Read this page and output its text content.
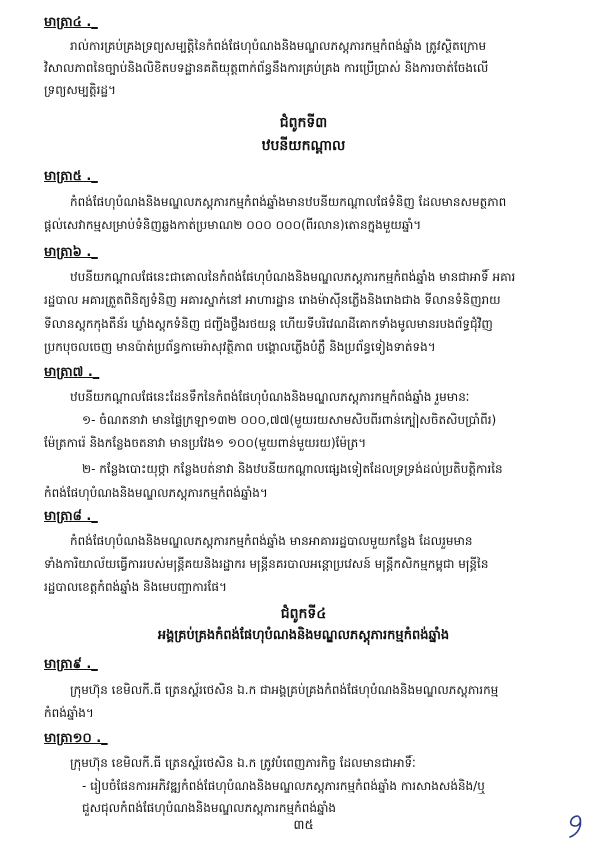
មាត្រា៤ ._
រាល់ការគ្រប់គ្រងទ្រព្យសម្បត្តិនៃកំពង់ផែហុបំណងនិងមណ្ឌលភស្តុភារកម្មកំពង់ឆ្នាំង ត្រូវស្ថិតក្រោម
វិសាលភាពនៃច្បាប់និងលិខិតបទដ្ឋានគតិយុត្តពាក់ព័ន្ធនឹងការគ្រប់គ្រង ការប្រើប្រាស់ និងការចាត់ចែងលើ
ទ្រព្យសម្បត្តិរដ្ឋ។
ជំពូកទី៣
ឋបនីយកណ្តាល
មាត្រា៥ ._
កំពង់ផែហុបំណងនិងមណ្ឌលភស្តុភារកម្មកំពង់ឆ្នាំងមានឋបនីយកណ្តាលផែទំនិញ ដែលមានសមត្ថភាព
ផ្តល់សេវាកម្មសម្រាប់ទំនិញឆ្លងកាត់ប្រមាណ២ ០០០ ០០០(ពីរលាន)តោនក្នុងមួយឆ្នាំ។
មាត្រា៦ ._
ឋបនីយកណ្តាលផែនេះជាគោលនៃកំពង់ផែហុបំណងនិងមណ្ឌលភស្តុភារកម្មកំពង់ឆ្នាំង មានជាអាទិ៍ អគារ
រដ្ឋបាល អគារត្រួតពិនិត្យទំនិញ អគារស្នាក់នៅ អាហារដ្ឋាន រោងម៉ាស៊ីនភ្លើងនិងរោងជាង ទីលានទំនិញរាយ
ទីលានស្តុកកុងតឺន័រ ឃ្លាំងស្តុកទំនិញ ជញ្ជីងថ្លឹងរថយន្ត ហើយទីបរិវេណដីគោកទាំងមូលមានរបងព័ទ្ធជុំវិញ
ប្រកបុចលចេញ មានប៉ាត់ប្រព័ន្ធកាមេរ៉ាសុវត្ថិភាព បង្គោលភ្លើងបំភ្លឺ និងប្រព័ន្ធទៀងទាត់ទង។
មាត្រា៧ ._
ឋបនីយកណ្តាលផែនេះដែនទឹកនៃកំពង់ផែហុបំណងនិងមណ្ឌលភស្តុភារកម្មកំពង់ឆ្នាំង រួមមានៈ
១- ចំណតនាវា មានផ្ទៃក្រឡា១៣២ ០០០,៧៧(មួយរយសាមសិបពីរពាន់ក្បៀសចិតសិបប្រាំពីរ)
ម៉ែត្រការ៉េ និងកន្លែងចតនាវា មានប្រវែង១ ១០០(មួយពាន់មួយរយ)ម៉ែត្រ។
២- កន្លែងបោះយុថ្កា កន្លែងបត់នាវា និងឋបនីយកណ្តាលផ្សេងទៀតដែលទ្រទ្រង់ដល់ប្រតិបត្តិការនៃ
កំពង់ផែហុបំណងនិងមណ្ឌលភស្តុភារកម្មកំពង់ឆ្នាំង។
មាត្រា៨ ._
កំពង់ផែហុបំណងនិងមណ្ឌលភស្តុភារកម្មកំពង់ឆ្នាំង មានអាគាររដ្ឋបាលមួយកន្លែង ដែលរួមមាន
ទាំងការិយាល័យធ្វើការរបស់មន្ត្រីគយនិងរដ្ឋាករ មន្ត្រីនគរបាលអន្តោប្រវេសន៍ មន្ត្រីកសិកម្មកម្ពុជា មន្ត្រីនៃ
រដ្ឋបាលខេត្តកំពង់ឆ្នាំង និងមេបញ្ជាការផែ។
ជំពូកទី៤
អង្គគ្រប់គ្រងកំពង់ផែហុបំណងនិងមណ្ឌលភស្តុភារកម្មកំពង់ឆ្នាំង
មាត្រា៩ ._
ក្រុមហ៊ុន ខេមិលកី.ធី ត្រេនស្ព័រថេសិន ឯ.ក ជាអង្គគ្រប់គ្រងកំពង់ផែហុបំណងនិងមណ្ឌលភស្តុភារកម្ម
កំពង់ឆ្នាំង។
មាត្រា១០ ._
ក្រុមហ៊ុន ខេមិលកី.ធី ត្រេនស្ព័រថេសិន ឯ.ក ត្រូវបំពេញភារកិច្ច ដែលមានជាអាទិ៍ៈ
- រៀបចំផែនការអភិវឌ្ឍកំពង់ផែហុបំណងនិងមណ្ឌលភស្តុភារកម្មកំពង់ឆ្នាំង ការសាងសង់និង/ឬ
ជួសជុលកំពង់ផែហុបំណងនិងមណ្ឌលភស្តុភារកម្មកំពង់ឆ្នាំង
៣៥
